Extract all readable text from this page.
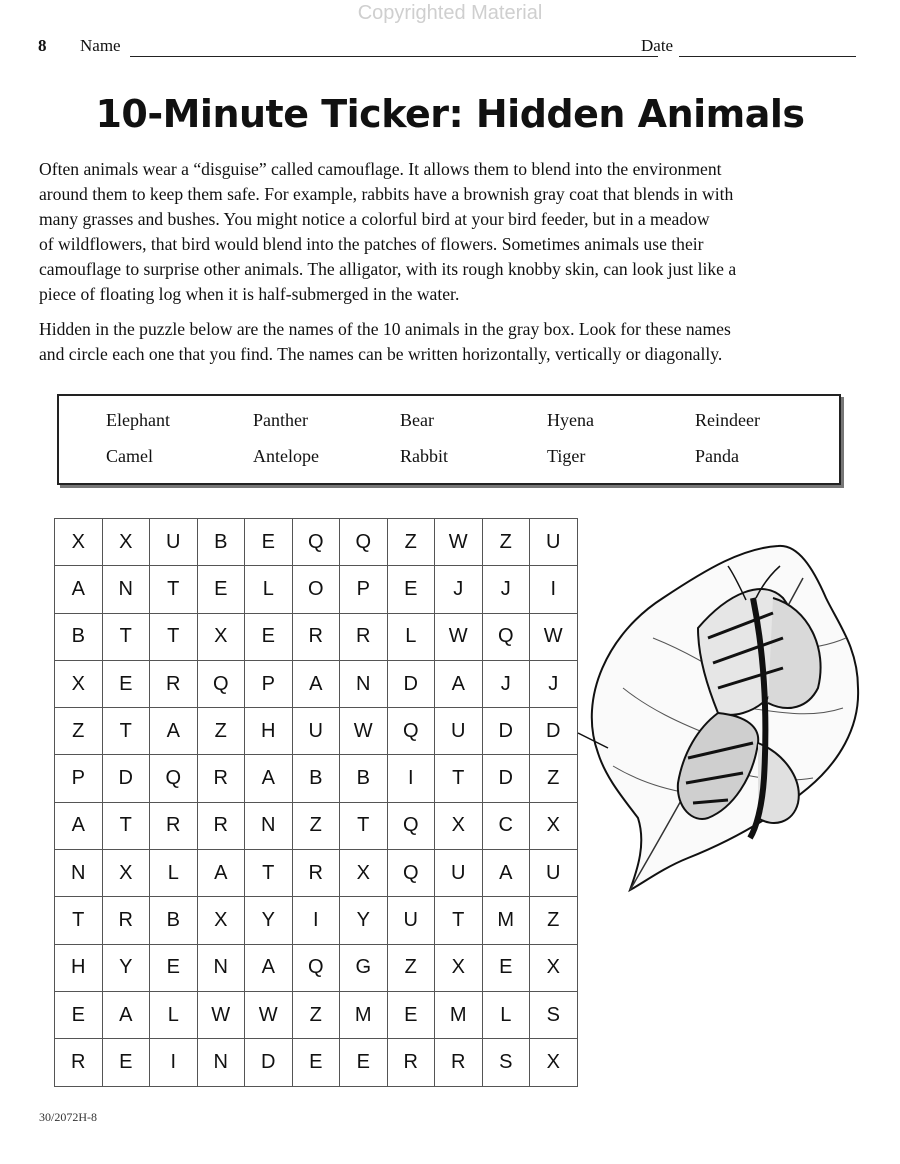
Copyrighted Material
8 Name	Date
10-Minute Ticker: Hidden Animals

Often animals wear a “disguise” called camouflage. It allows them to blend into the environment
around them to keep them safe. For example, rabbits have a brownish gray coat that blends in with
many grasses and bushes. You might notice a colorful bird at your bird feeder, but in a meadow
of wildflowers, that bird would blend into the patches of flowers. Sometimes animals use their
camouflage to surprise other animals. The alligator, with its rough knobby skin, can look just like a
piece of floating log when it is half-submerged in the water.

Hidden in the puzzle below are the names of the 10 animals in the gray box. Look for these names
and circle each one that you find. The names can be written horizontally, vertically or diagonally.

Elephant	Panther	Bear	Hyena	Reindeer
Camel	Antelope	Rabbit	Tiger	Panda
X	X	U	B	E	Q	Q	Z	W	Z	U
A	N	T	E	L	O	P	E	J	J	I
B	T	T	X	E	R	R	L	W	Q	W
X	E	R	Q	P	A	N	D	A	J	J
Z	T	A	Z	H	U	W	Q	U	D	D
P	D	Q	R	A	B	B	I	T	D	Z
A	T	R	R	N	Z	T	Q	X	C	X
N	X	L	A	T	R	X	Q	U	A	U
T	R	B	X	Y	I	Y	U	T	M	Z
H	Y	E	N	A	Q	G	Z	X	E	X
E	A	L	W	W	Z	M	E	M	L	S
R	E	I	N	D	E	E	R	R	S	X
30/2072H-8
